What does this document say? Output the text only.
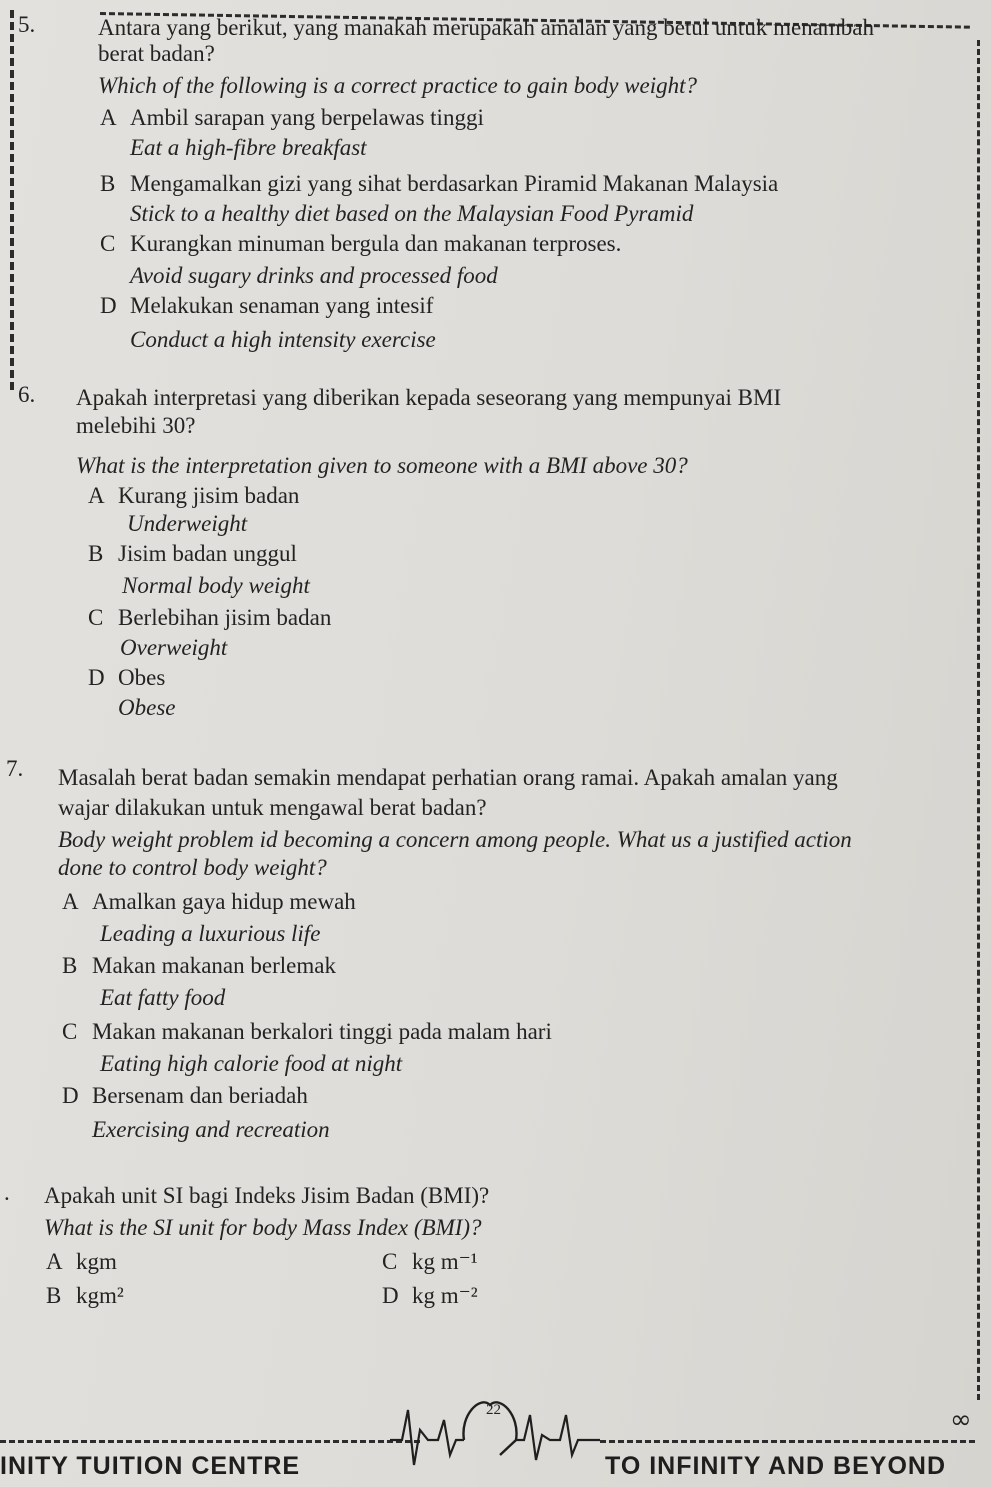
5.	Antara yang berikut, yang manakah merupakah amalan yang betul untuk menambah
berat badan?
Which of the following is a correct practice to gain body weight?
A Ambil sarapan yang berpelawas tinggi
Eat a high-fibre breakfast
B Mengamalkan gizi yang sihat berdasarkan Piramid Makanan Malaysia
Stick to a healthy diet based on the Malaysian Food Pyramid
C Kurangkan minuman bergula dan makanan terproses.
Avoid sugary drinks and processed food
D Melakukan senaman yang intesif
Conduct a high intensity exercise
6. Apakah interpretasi yang diberikan kepada seseorang yang mempunyai BMI
melebihi 30?
What is the interpretation given to someone with a BMI above 30?
A Kurang jisim badan
Underweight
B Jisim badan unggul
Normal body weight
C Berlebihan jisim badan
Overweight
D Obes
Obese
7. Masalah berat badan semakin mendapat perhatian orang ramai. Apakah amalan yang
wajar dilakukan untuk mengawal berat badan?
Body weight problem id becoming a concern among people. What us a justified action
done to control body weight?
A Amalkan gaya hidup mewah
Leading a luxurious life
B Makan makanan berlemak
Eat fatty food
C Makan makanan berkalori tinggi pada malam hari
Eating high calorie food at night
D Bersenam dan beriadah
Exercising and recreation
. Apakah unit SI bagi Indeks Jisim Badan (BMI)?
What is the SI unit for body Mass Index (BMI)?
A kgm
B kgm²
C kg m⁻¹
D kg m⁻²
22	∞
INITY TUITION CENTRE	TO INFINITY AND BEYOND
